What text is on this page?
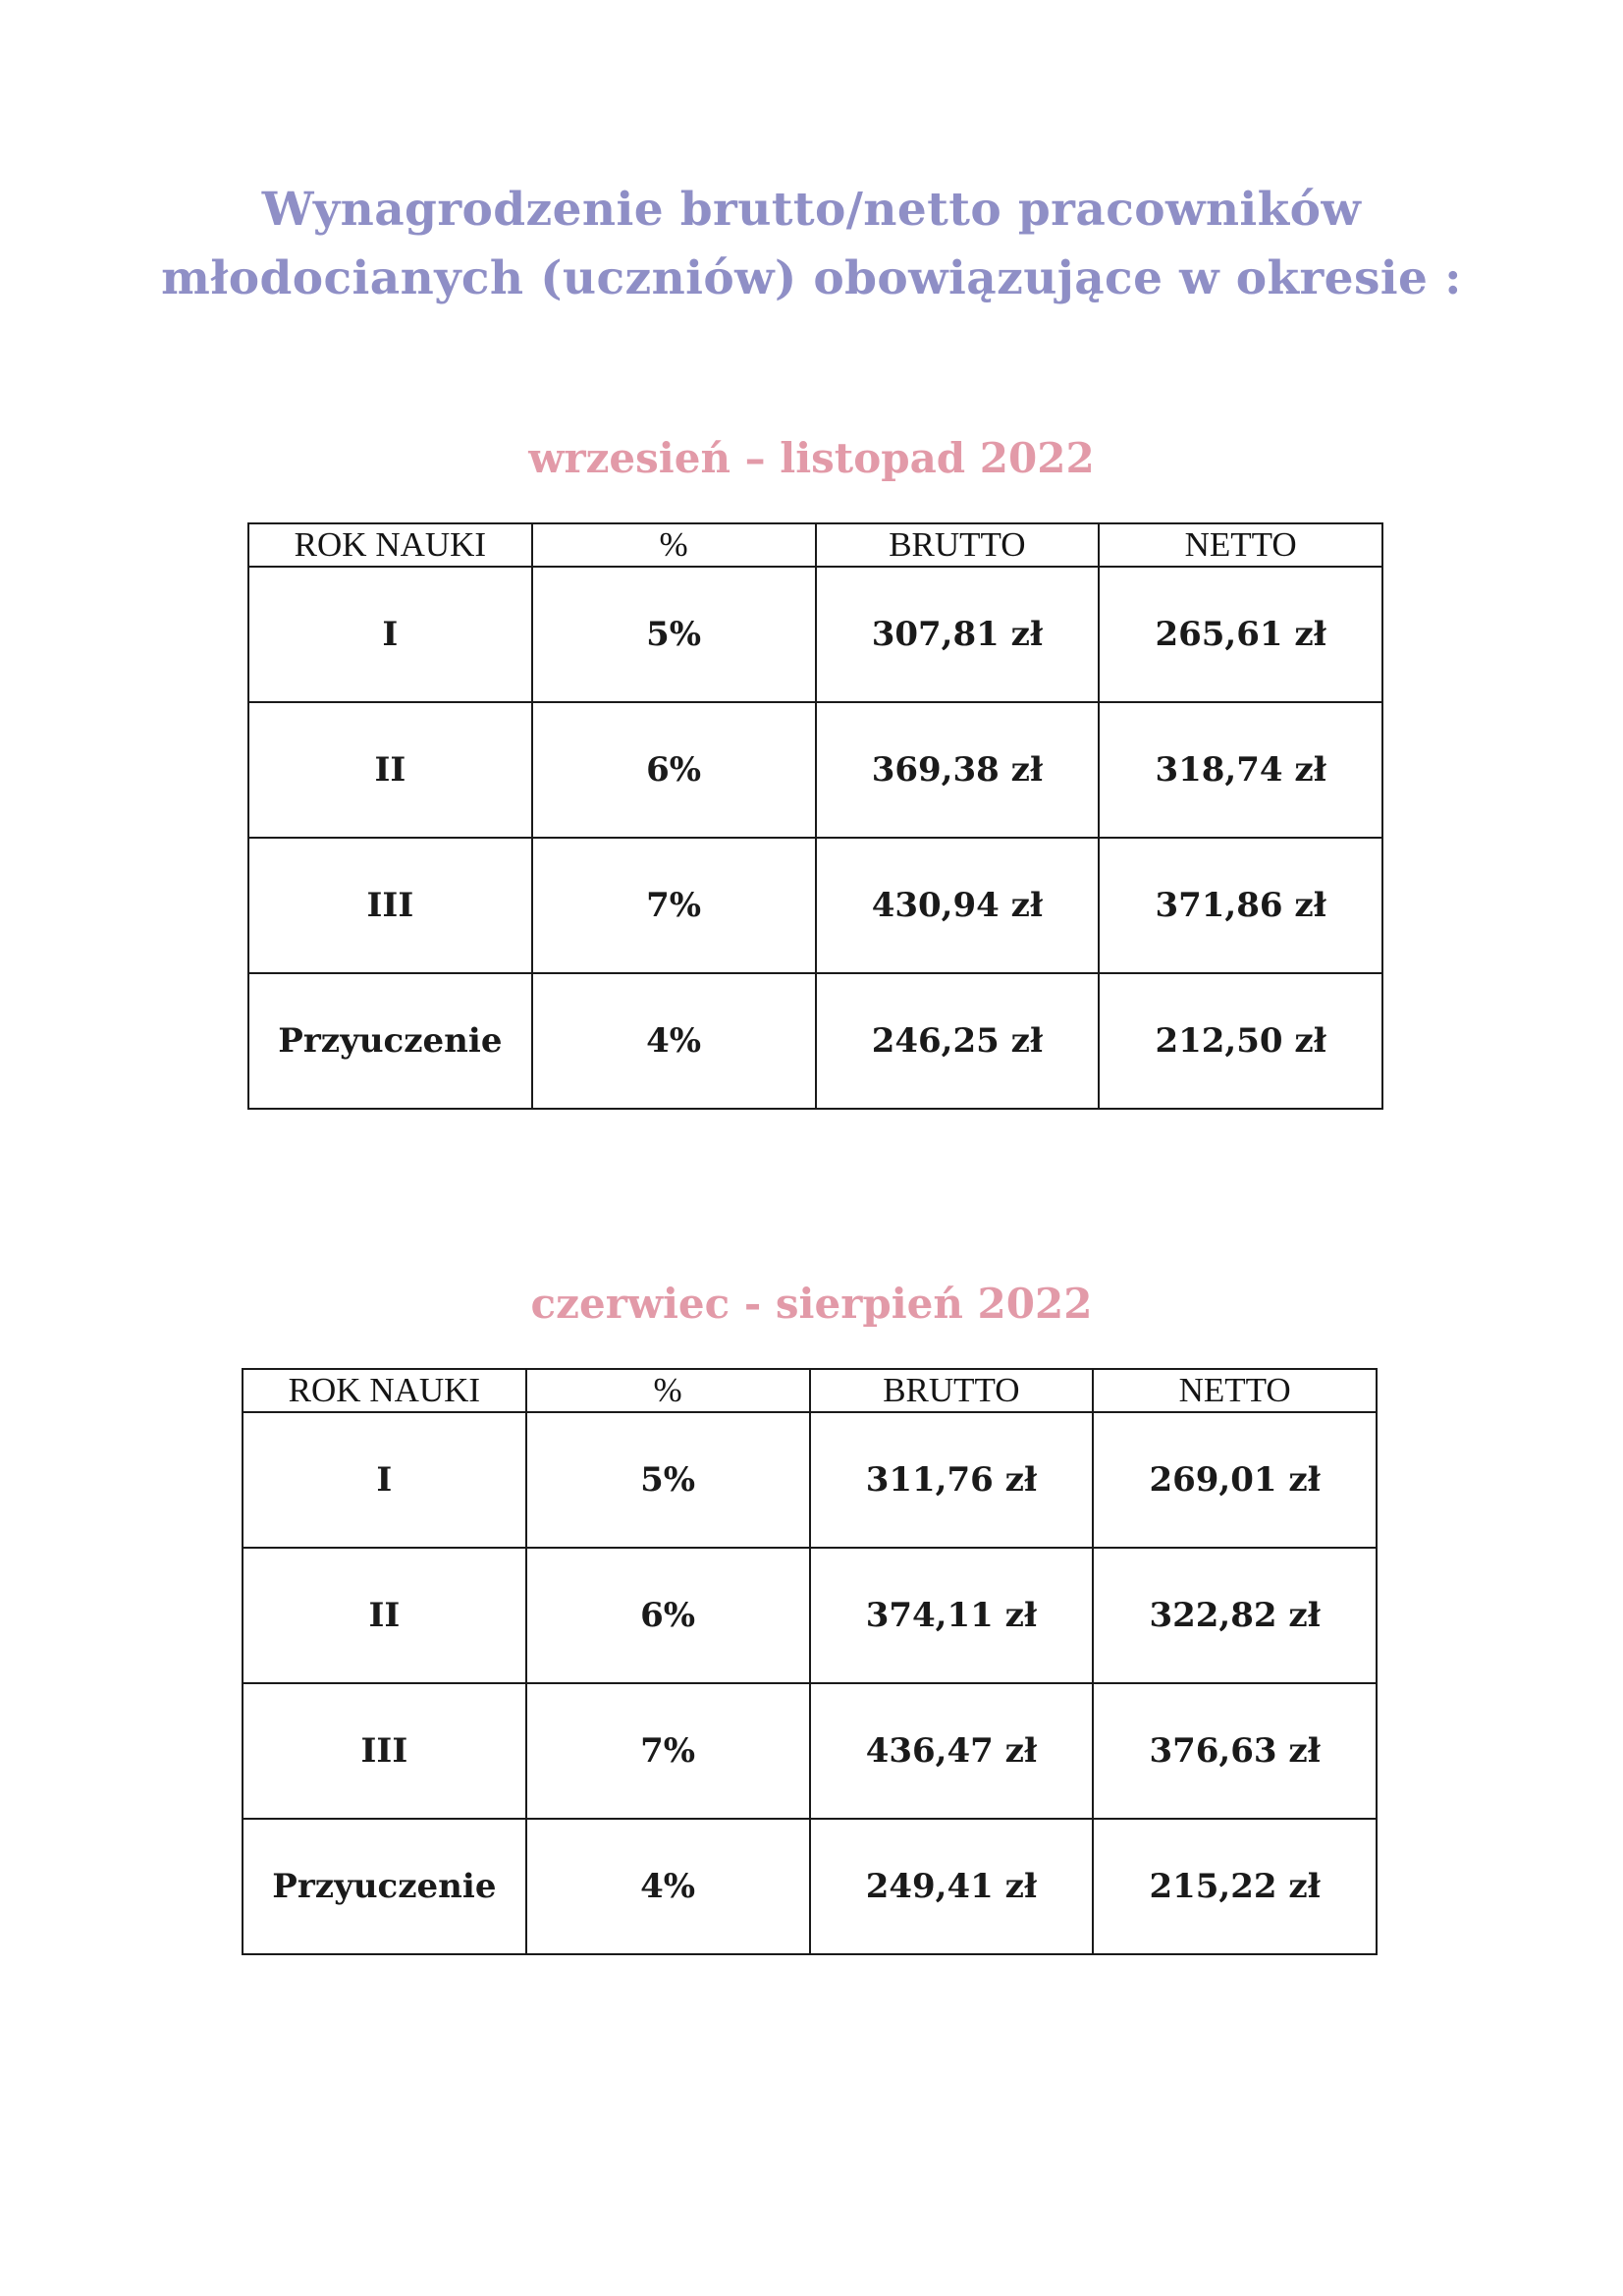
Wynagrodzenie brutto/netto pracowników
młodocianych (uczniów) obowiązujące w okresie :
wrzesień – listopad 2022
ROK NAUKI	%	BRUTTO	NETTO
I	5%	307,81 zł	265,61 zł
II	6%	369,38 zł	318,74 zł
III	7%	430,94 zł	371,86 zł
Przyuczenie	4%	246,25 zł	212,50 zł
czerwiec - sierpień 2022
ROK NAUKI	%	BRUTTO	NETTO
I	5%	311,76 zł	269,01 zł
II	6%	374,11 zł	322,82 zł
III	7%	436,47 zł	376,63 zł
Przyuczenie	4%	249,41 zł	215,22 zł
